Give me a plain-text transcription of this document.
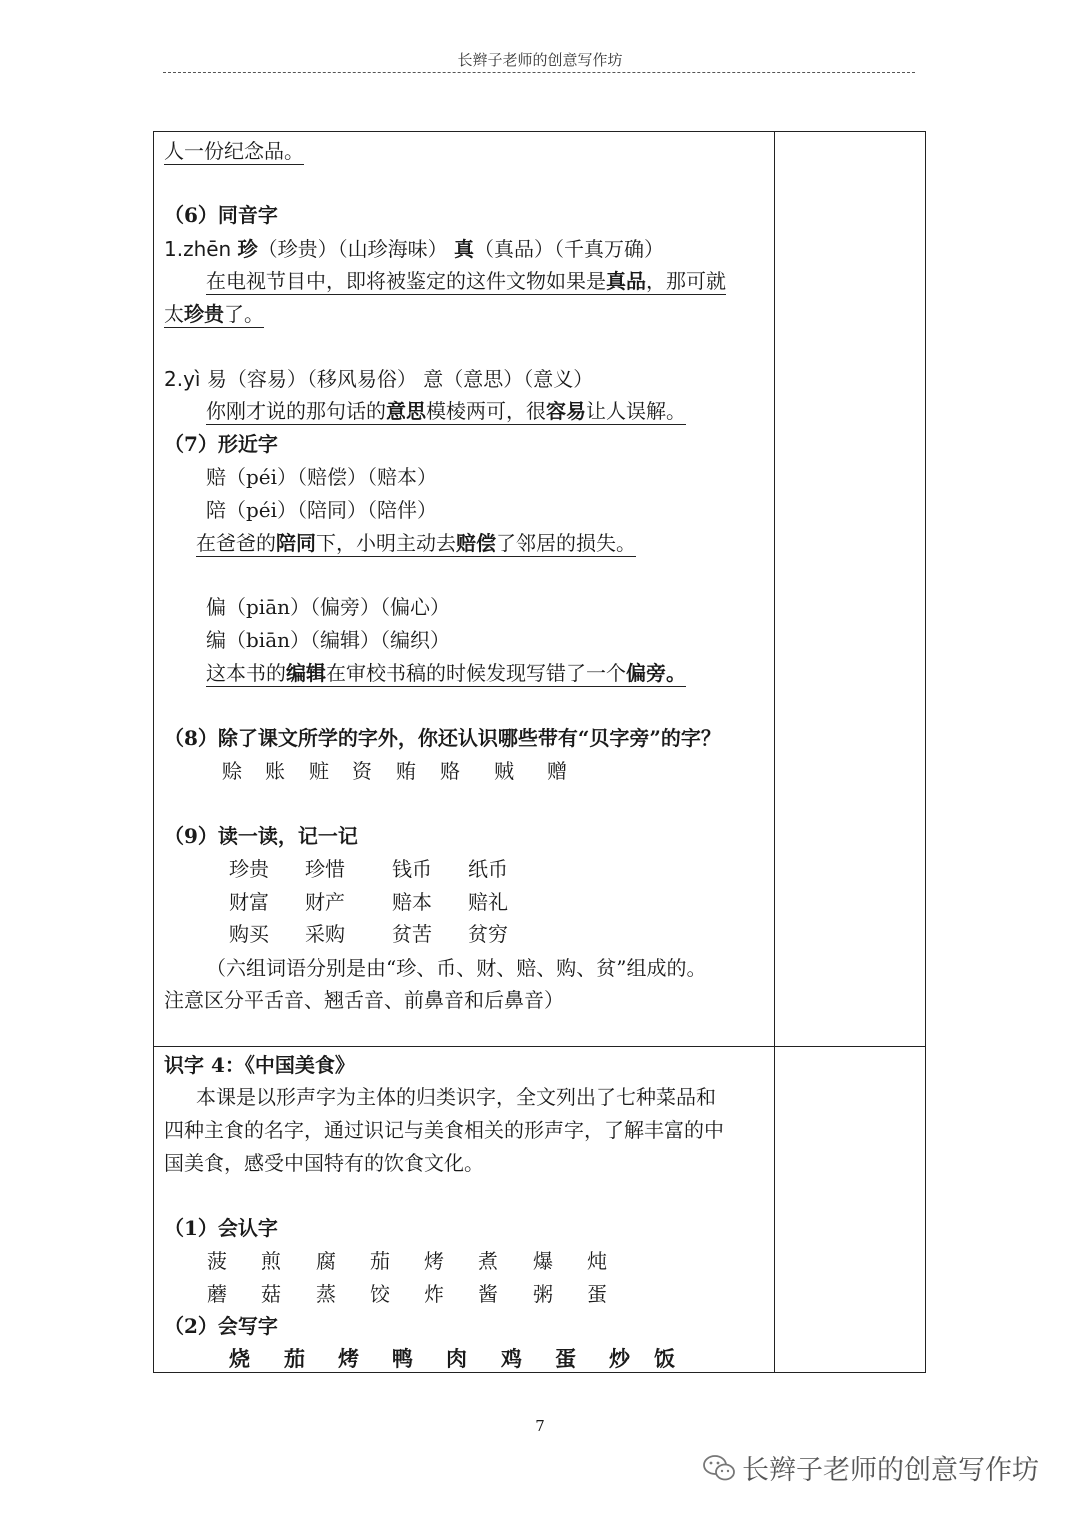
长辫子老师的创意写作坊
人一份纪念品。
（6）同音字
1.zhēn 珍（珍贵）（山珍海味） 真（真品）（千真万确）
在电视节目中，即将被鉴定的这件文物如果是真品，那可就
太珍贵了。
2.yì 易（容易）（移风易俗） 意（意思）（意义）
你刚才说的那句话的意思模棱两可，很容易让人误解。
（7）形近字
赔（péi）（赔偿）（赔本）
陪（péi）（陪同）（陪伴）
在爸爸的陪同下，小明主动去赔偿了邻居的损失。
偏（piān）（偏旁）（偏心）
编（biān）（编辑）（编织）
这本书的编辑在审校书稿的时候发现写错了一个偏旁。
（8）除了课文所学的字外，你还认识哪些带有“贝字旁”的字？
赊 账 赃 资 贿 赂 贼 赠
（9）读一读，记一记
珍贵 珍惜 钱币 纸币
财富 财产 赔本 赔礼
购买 采购 贫苦 贫穷
（六组词语分别是由“珍、币、财、赔、购、贫”组成的。
注意区分平舌音、翘舌音、前鼻音和后鼻音）
识字 4：《中国美食》
本课是以形声字为主体的归类识字，全文列出了七种菜品和
四种主食的名字，通过识记与美食相关的形声字，了解丰富的中
国美食，感受中国特有的饮食文化。
（1）会认字
菠 煎 腐 茄 烤 煮 爆 炖
蘑 菇 蒸 饺 炸 酱 粥 蛋
（2）会写字
烧 茄 烤 鸭 肉 鸡 蛋 炒 饭
7
长辫子老师的创意写作坊
